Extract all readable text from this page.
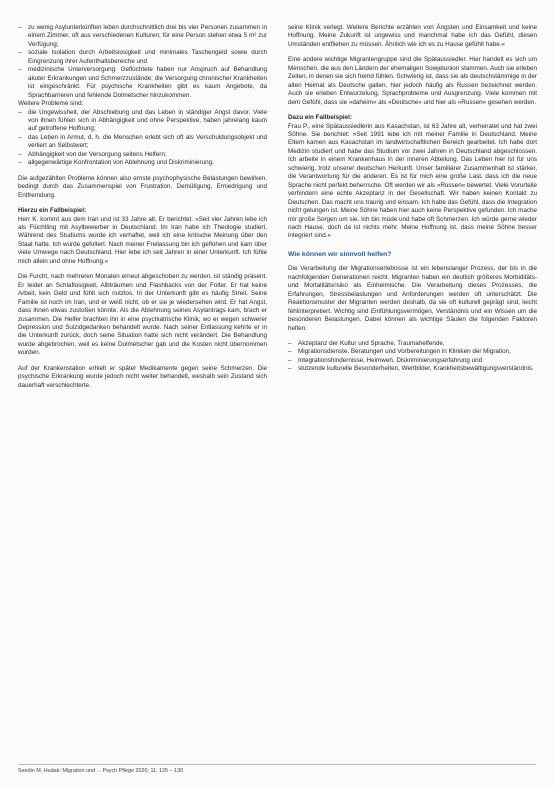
– zu wenig Asylunterkünften leben durchschnittlich drei bis vier Personen zusammen in einem Zimmer, oft aus verschiedenen Kulturen; für eine Person stehen etwa 5 m² zur Verfügung;
– soziale Isolation durch Arbeitslosigkeit und minimales Taschengeld sowie durch Eingrenzung ihrer Aufenthaltsbereiche und
– medizinische Unterversorgung: Geflüchtete haben nur Anspruch auf Behandlung akuter Erkrankungen und Schmerzzustände; die Versorgung chronischer Krankheiten ist eingeschränkt. Für psychische Krankheiten gibt es kaum Angebote, da Sprachbarrieren und fehlende Dolmetscher hinzukommen.

Weitere Probleme sind:

– die Ungewissheit, der Abschiebung und das Leben in ständiger Angst davor. Viele von ihnen fühlen sich in Abhängigkeit und ohne Perspektive, haben jahrelang kaum auf getroffene Hoffnung;
– das Leben in Armut, d. h. die Menschen erlebt sich oft als Verschuldungsobjekt und verliert an Selbstwert;
– Abhängigkeit von der Versorgung seitens Helfern;
– allgegenwärtige Konfrontation von Ablehnung und Diskriminierung.

Die aufgezählten Probleme können also ernste psychophysische Belastungen bewirken, bedingt durch das Zusammenspiel von Frustration, Demütigung, Erniedrigung und Entfremdung.

Hierzu ein Fallbeispiel:

Herr K. kommt aus dem Iran und ist 33 Jahre alt. Er berichtet: »Seit vier Jahren lebe ich als Flüchtling mit Asylbewerber in Deutschland. Im Iran habe ich Theologie studiert. Während des Studiums wurde ich verhaftet, weil ich eine kritische Meinung über den Staat hatte. Ich wurde gefoltert. Nach meiner Freilassung bin ich geflohen und kam über viele Umwege nach Deutschland. Hier lebe ich seit Jahren in einer Unterkunft. Ich fühle mich allein und ohne Hoffnung.«

Die Furcht, nach mehreren Monaten erneut abgeschoben zu werden, ist ständig präsent. Er leidet an Schlaflosigkeit, Albträumen und Flashbacks von der Folter. Er hat keine Arbeit, kein Geld und fühlt sich nutzlos. In der Unterkunft gibt es häufig Streit. Seine Familie ist noch im Iran, und er weiß nicht, ob er sie je wiedersehen wird. Er hat Angst, dass ihnen etwas zustoßen könnte. Als die Ablehnung seines Asylantrags kam, brach er zusammen. Die Helfer brachten ihn in eine psychiatrische Klinik, wo er wegen schwerer Depression und Suizidgedanken behandelt wurde. Nach seiner Entlassung kehrte er in die Unterkunft zurück, doch seine Situation hatte sich nicht verändert. Die Behandlung wurde abgebrochen, weil es keine Dolmetscher gab und die Kosten nicht übernommen wurden.

Auf der Krankenstation erhielt er später Medikamente gegen seine Schmerzen. Die psychische Erkrankung wurde jedoch nicht weiter behandelt, weshalb sein Zustand sich dauerhaft verschlechterte.

seine Klinik verlegt. Weitere Berichte erzählen von Ängsten und Einsamkeit und keine Hoffnung. Meine Zukunft ist ungewiss und manchmal habe ich das Gefühl, diesen Umständen entfliehen zu müssen. Ähnlich wie ich es zu Hause gefühlt habe.«

Eine andere wichtige Migrantengruppe sind die Spätaussiedler. Hier handelt es sich um Menschen, die aus den Ländern der ehemaligen Sowjetunion stammen. Auch sie erleben Zeiten, in denen sie sich fremd fühlen. Schwierig ist, dass sie als deutschstämmige in der alten Heimat als Deutsche galten, hier jedoch häufig als Russen bezeichnet werden. Auch sie erleben Entwurzelung, Sprachprobleme und Ausgrenzung. Viele kommen mit dem Gefühl, dass sie »daheim« als »Deutsche« und hier als »Russen« gesehen werden.

Dazu ein Fallbeispiel:

Frau P., eine Spätaussiedlerin aus Kasachstan, ist 63 Jahre alt, verheiratet und hat zwei Söhne. Sie berichtet: »Seit 1991 lebe ich mit meiner Familie in Deutschland. Meine Eltern kamen aus Kasachstan im landwirtschaftlichen Bereich gearbeitet. Ich habe dort Medizin studiert und habe das Studium vor zwei Jahren in Deutschland abgeschlossen. Ich arbeite in einem Krankenhaus in der inneren Abteilung. Das Leben hier ist für uns schwierig, trotz unserer deutschen Herkunft. Unser familiärer Zusammenhalt ist stärker, die Verantwortung für die anderen. Es ist für mich eine große Last, dass ich die neue Sprache nicht perfekt beherrsche. Oft werden wir als »Russen« bewertet. Viele Vorurteile verhindern eine echte Akzeptanz in der Gesellschaft. Wir haben keinen Kontakt zu Deutschen. Das macht uns traurig und einsam. Ich habe das Gefühl, dass die Integration nicht gelungen ist. Meine Söhne haben hier auch keine Perspektive gefunden. Ich mache mir große Sorgen um sie. Ich bin müde und habe oft Schmerzen. Ich würde gerne wieder nach Hause, doch da ist nichts mehr. Meine Hoffnung ist, dass meine Söhne besser integriert sind.«

Wie können wir sinnvoll helfen?

Die Verarbeitung der Migrationserlebnisse ist ein lebenslanger Prozess, der bis in die nachfolgenden Generationen reicht. Migranten haben ein deutlich größeres Morbiditäts- und Mortalitätsrisiko als Einheimische. Die Verarbeitung dieses Prozesses, die Erfahrungen, Stressbelastungen und Anforderungen werden oft unterschätzt. Die Reaktionsmuster der Migranten werden deshalb, da sie oft kulturell geprägt sind, leicht fehlinterpretiert. Wichtig sind Einfühlungsvermögen, Verständnis und ein Wissen um die besonderen Belastungen. Dabei können als wichtige Säulen die folgenden Faktoren helfen:

– Akzeptanz der Kultur und Sprache, Traumahelfende,
– Migrationsdienste, Beratungen und Vorbereitungen in Kliniken der Migration,
– Integrationshindernisse, Heimweh, Diskriminierungserfahrung und
– stützende kulturelle Besonderheiten, Wertbilder, Krankheitsbewältigungsverständnis.
Seedin M. Hudak: Migration und ... Psych Pflege 2020; 11: 125 – 130
